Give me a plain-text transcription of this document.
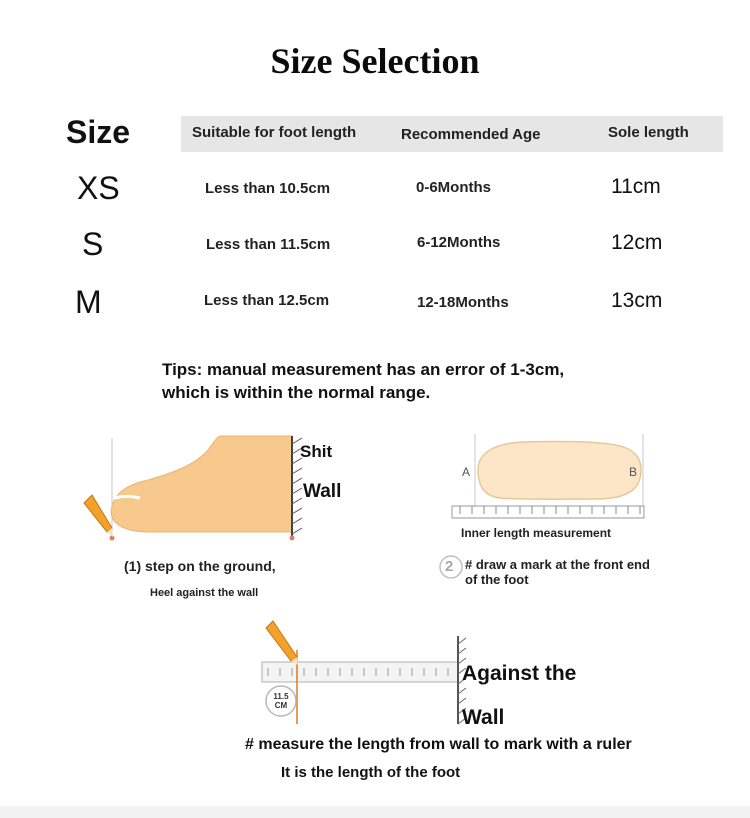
Size Selection
Size	Suitable for foot length	Recommended Age	Sole length
XS	Less than 10.5cm	0-6Months	11cm
S	Less than 11.5cm	6-12Months	12cm
M	Less than 12.5cm	12-18Months	13cm
Tips: manual measurement has an error of 1-3cm,
which is within the normal range.
Shit
Wall
(1) step on the ground,
Heel against the wall
A	B
Inner length measurement
2 # draw a mark at the front end
of the foot
11.5
CM
Against the
Wall
# measure the length from wall to mark with a ruler
It is the length of the foot
